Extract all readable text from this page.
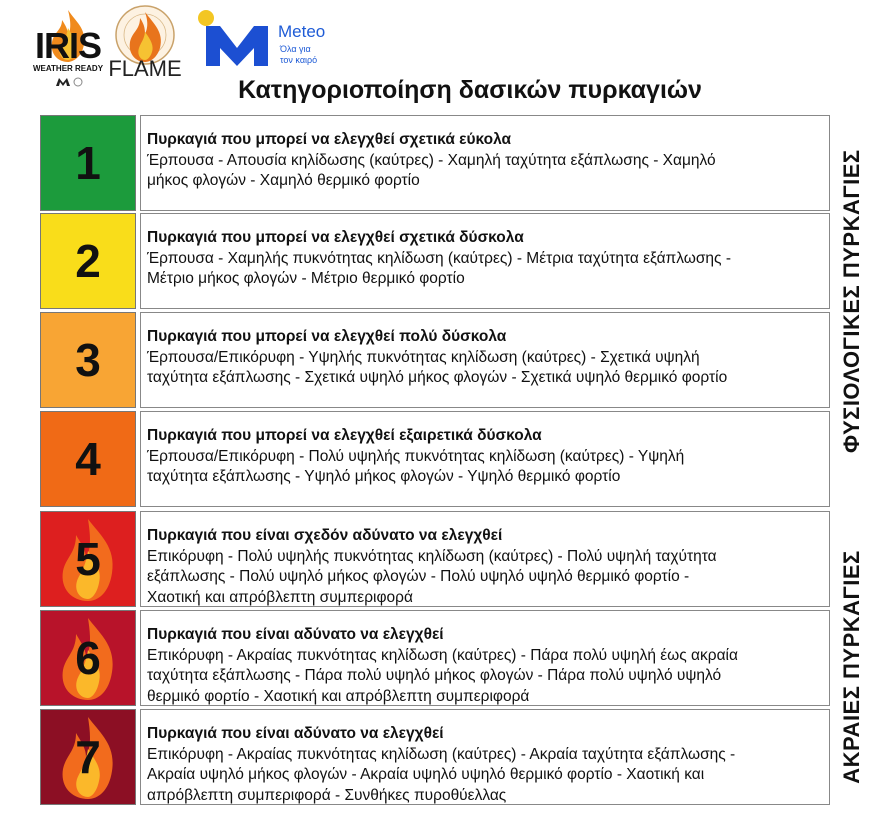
IRIS
WEATHER READY FLAME
Meteo
Όλα για
τον καιρό
Κατηγοριοποίηση δασικών πυρκαγιών
1	Πυρκαγιά που μπορεί να ελεγχθεί σχετικά εύκολα
Έρπουσα - Απουσία κηλίδωσης (καύτρες) - Χαμηλή ταχύτητα εξάπλωσης - Χαμηλό
μήκος φλογών - Χαμηλό θερμικό φορτίο
2	Πυρκαγιά που μπορεί να ελεγχθεί σχετικά δύσκολα
Έρπουσα - Χαμηλής πυκνότητας κηλίδωση (καύτρες) - Μέτρια ταχύτητα εξάπλωσης -
Μέτριο μήκος φλογών - Μέτριο θερμικό φορτίο
3	Πυρκαγιά που μπορεί να ελεγχθεί πολύ δύσκολα
Έρπουσα/Επικόρυφη - Υψηλής πυκνότητας κηλίδωση (καύτρες) - Σχετικά υψηλή
ταχύτητα εξάπλωσης - Σχετικά υψηλό μήκος φλογών - Σχετικά υψηλό θερμικό φορτίο
4	Πυρκαγιά που μπορεί να ελεγχθεί εξαιρετικά δύσκολα
Έρπουσα/Επικόρυφη - Πολύ υψηλής πυκνότητας κηλίδωση (καύτρες) - Υψηλή
ταχύτητα εξάπλωσης - Υψηλό μήκος φλογών - Υψηλό θερμικό φορτίο
5	Πυρκαγιά που είναι σχεδόν αδύνατο να ελεγχθεί
Επικόρυφη - Πολύ υψηλής πυκνότητας κηλίδωση (καύτρες) - Πολύ υψηλή ταχύτητα
εξάπλωσης - Πολύ υψηλό μήκος φλογών - Πολύ υψηλό υψηλό θερμικό φορτίο -
Χαοτική και απρόβλεπτη συμπεριφορά
6	Πυρκαγιά που είναι αδύνατο να ελεγχθεί
Επικόρυφη - Ακραίας πυκνότητας κηλίδωση (καύτρες) - Πάρα πολύ υψηλή έως ακραία
ταχύτητα εξάπλωσης - Πάρα πολύ υψηλό μήκος φλογών - Πάρα πολύ υψηλό υψηλό
θερμικό φορτίο - Χαοτική και απρόβλεπτη συμπεριφορά
7	Πυρκαγιά που είναι αδύνατο να ελεγχθεί
Επικόρυφη - Ακραίας πυκνότητας κηλίδωση (καύτρες) - Ακραία ταχύτητα εξάπλωσης -
Ακραία υψηλό μήκος φλογών - Ακραία υψηλό υψηλό θερμικό φορτίο - Χαοτική και
απρόβλεπτη συμπεριφορά - Συνθήκες πυροθύελλας
ΦΥΣΙΟΛΟΓΙΚΕΣ ΠΥΡΚΑΓΙΕΣ
ΑΚΡΑΙΕΣ ΠΥΡΚΑΓΙΕΣ
